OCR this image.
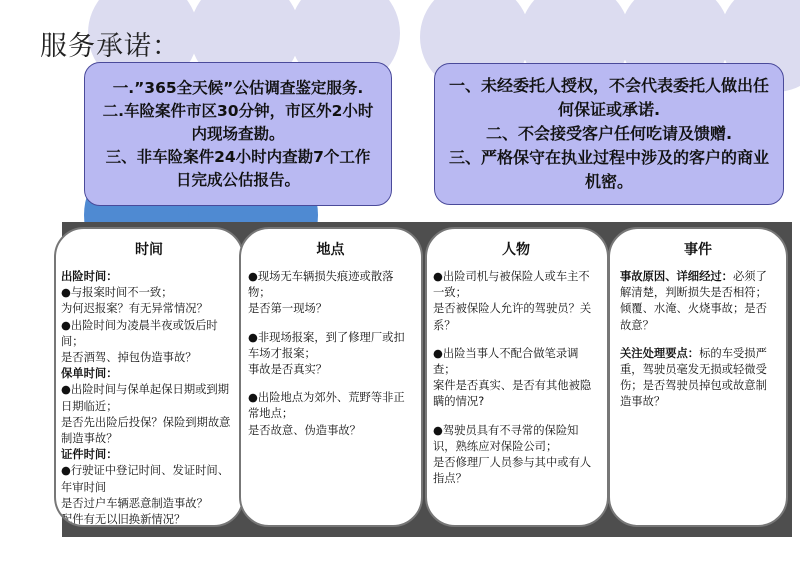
服务承诺：

一.”365全天候”公估调查鉴定服务.

二.车险案件市区30分钟，市区外2小时内现场查勘。

三、非车险案件24小时内查勘7个工作日完成公估报告。

一、未经委托人授权，不会代表委托人做出任何保证或承诺.

二、不会接受客户任何吃请及馈赠.

三、严格保守在执业过程中涉及的客户的商业机密。

时间

出险时间：

●与报案时间不一致；

为何迟报案？有无异常情况？

●出险时间为凌晨半夜或饭后时间；

是否酒驾、掉包伪造事故？

保单时间：

●出险时间与保单起保日期或到期日期临近；

是否先出险后投保？保险到期故意制造事故？

证件时间：

●行驶证中登记时间、发证时间、年审时间

是否过户车辆恶意制造事故？

配件有无以旧换新情况？

地点

●现场无车辆损失痕迹或散落物；

是否第一现场？

●非现场报案，到了修理厂或扣车场才报案；

事故是否真实？

●出险地点为郊外、荒野等非正常地点；

是否故意、伪造事故？

人物

●出险司机与被保险人或车主不一致；

是否被保险人允许的驾驶员？关系？

●出险当事人不配合做笔录调查；

案件是否真实、是否有其他被隐瞒的情况?

●驾驶员具有不寻常的保险知识，熟练应对保险公司；

是否修理厂人员参与其中或有人指点？

事件

事故原因、详细经过：必须了解清楚，判断损失是否相符；倾覆、水淹、火烧事故；是否故意？

关注处理要点：标的车受损严重，驾驶员毫发无损或轻微受伤；是否驾驶员掉包或故意制造事故？
